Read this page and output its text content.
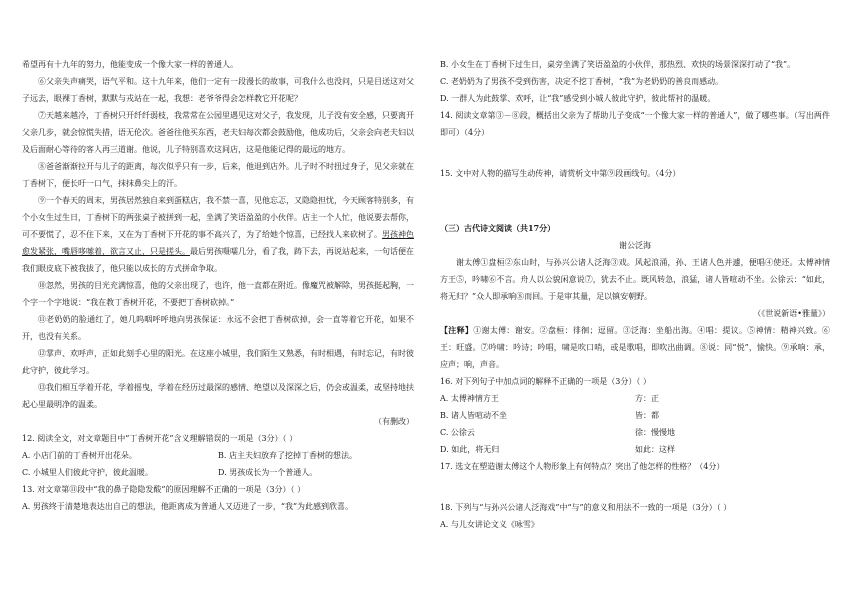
希望再有十九年的努力，他能变成一个像大家一样的普通人。

⑥父亲失声痛哭，语气平和。这十九年来，他们一定有一段漫长的故事，可我什么也没问，只是目送这对父子远去，眼裸丁香树，默默与戎站在一起，我想：老爷爷得会怎样教它开花呢？

⑦天越来越冷，丁香树只开纤纤弱枝，我常常在公园里遇见这对父子，我发现，儿子没有安全感，只要离开父亲几步，就会惊慌失措，语无伦次。爸爸往他买东西，老夫妇每次都会鼓励他，他成功后，父亲会向老夫妇以及后面耐心等待的客人再三道谢。他说，儿子特别喜欢这间店，这是他能记得的最远的地方。

⑧爸爸渐渐拉开与儿子的距离，每次似乎只有一步，后来，他退到店外。儿子时不时扭过身子，见父亲就在丁香树下，便长吁一口气，抹抹鼻尖上的汗。

⑨一个春天的周末，男孩居然独自来到蛋糕店，我不禁一喜，见他忘忑，又隐隐担忧，今天顾客特别多，有个小女生过生日，丁香树下的两张桌子被拼到一起，坐满了笑语盈盈的小伙伴。店主一个人忙，他说要去帮你，可不要慌了，忍不住下来，又在为丁香树下开花的事不高兴了，为了给她个惊喜，已经找人来砍树了。男孩神色愈发紧张，嘴唇哆嗦着，欲言又止，只是搓头。最后男孩嗫嚅几分，看了我，踌下去，再说站起来，一句话便在我们眼皮底下被我拔了，他只能以成长的方式拼命争取。

⑩忽然，男孩的目光充满惊喜，他的父亲出现了，也许，他一直都在附近。像魔咒被解除，男孩挺起胸，一个字一个字地说：“我在教丁香树开花，不要把丁香树砍掉。”

⑪老奶奶的脸通红了，她几呜咽呼呼地向男孩保证：永远不会把丁香树砍掉，会一直等着它开花，如果不开，也没有关系。

⑫掌声、欢呼声，正如此刻手心里的阳光。在这座小城里，我们陌生又熟悉，有时相遇，有时忘记，有时彼此守护，彼此学习。

⑬我们相互学着开花，学着摇曳，学着在经历过最深的感情、绝望以及深深之后，仍会或温柔，或坚持地扶起心里最明净的温柔。

（有删改）

12. 阅读全文，对文章题目中“丁香树开花”含义理解错误的一项是（3分）（ ）

A. 小店门前的丁香树开出花朵。	B. 店主夫妇放弃了挖掉丁香树的想法。
C. 小城里人们彼此守护，彼此温暖。	D. 男孩成长为一个普通人。

13. 对文章第⑪段中“我的鼻子隐隐发酸”的原因理解不正确的一项是（3分）（ ）

A. 男孩终于清楚地表达出自己的想法，他距离成为普通人又迈进了一步，“我”为此感到欣喜。

B. 小女生在丁香树下过生日，桌旁坐满了笑语盈盈的小伙伴，那热烈、欢快的场景深深打动了“我”。

C. 老奶奶为了男孩不受到伤害，决定不挖丁香树，“我”为老奶奶的善良而感动。

D. 一群人为此鼓掌、欢呼，让“我”感受到小城人彼此守护，彼此帮衬的温暖。

14. 阅读文章第③－⑧段，概括出父亲为了帮助儿子变成“一个像大家一样的普通人”，做了哪些事。（写出两件即可）（4分）

15. 文中对人物的描写生动传神，请赏析文中第⑨段画线句。（4分）

（三）古代诗文阅读（共17分）

谢公泛海

谢太傅①盘桓②东山时，与孙兴公诸人泛海③戏。风起浪涌，孙、王诸人色并遽，便唱④使还。太傅神情方王⑤，吟啸⑥不言。舟人以公貌闲意说⑦，犹去不止。既风转急，浪猛，诸人皆喧动不坐。公徐云：“如此，将无归？”众人即承响⑧而回。于是审其量，足以镇安朝野。

（《世说新语•雅量》）

【注释】①谢太傅：谢安。②盘桓：徘徊；逗留。③泛海：坐船出海。④唱：提议。⑤神情：精神兴致。⑥王：旺盛。⑦吟啸：吟诗；吟唱，啸是吹口哨，或是歌唱，即吹出曲调。⑧说：同“悦”，愉快。⑨承响：承，应声；响，声音。

16. 对下列句子中加点词的解释不正确的一项是（3分）（ ）

A. 太傅神情方王	方：正
B. 诸人皆喧动不坐	皆：都
C. 公徐云	徐：慢慢地
D. 如此，将无归	如此：这样

17. 选文在塑造谢太傅这个人物形象上有何特点？突出了他怎样的性格？（4分）

18. 下列与“与孙兴公诸人泛海戏”中“与”的意义和用法不一致的一项是（3分）（ ）

A. 与儿女讲论文义《咏雪》
